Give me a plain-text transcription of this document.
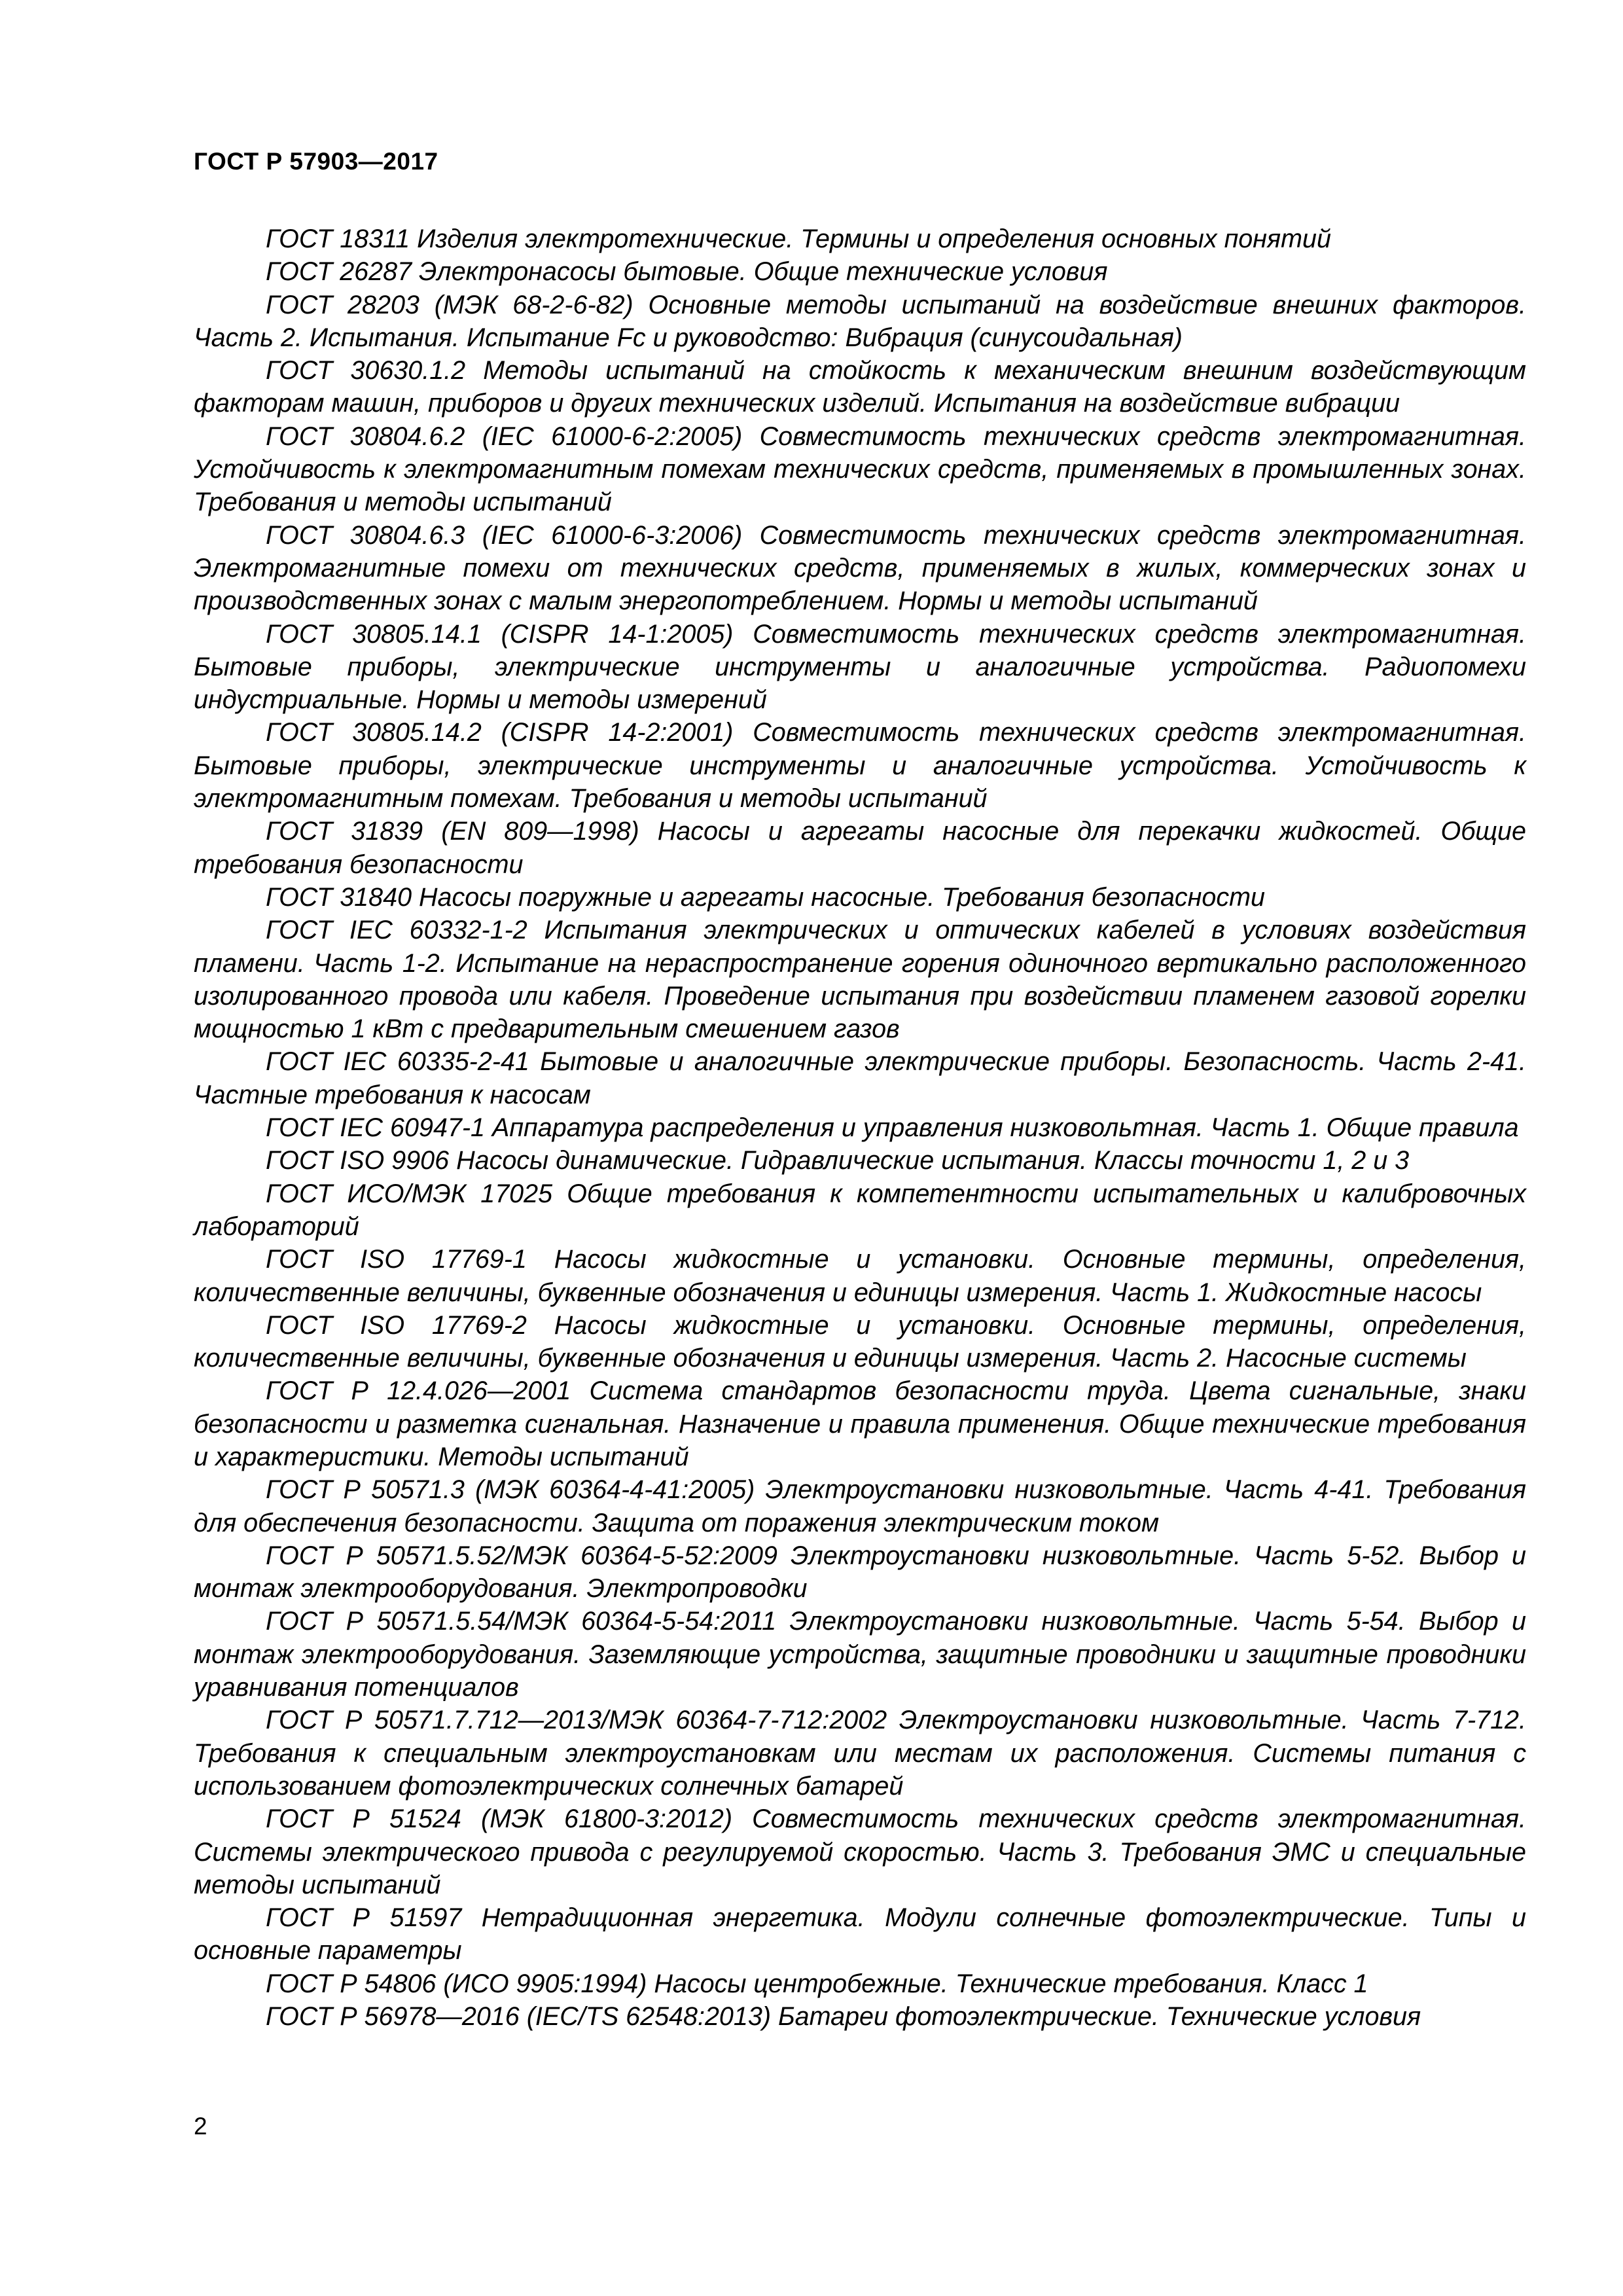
ГОСТ Р 57903—2017
ГОСТ 18311 Изделия электротехнические. Термины и определения основных понятий
ГОСТ 26287 Электронасосы бытовые. Общие технические условия
ГОСТ 28203 (МЭК 68-2-6-82) Основные методы испытаний на воздействие внешних факторов. Часть 2. Испытания. Испытание Fc и руководство: Вибрация (синусоидальная)
ГОСТ 30630.1.2 Методы испытаний на стойкость к механическим внешним воздействующим факторам машин, приборов и других технических изделий. Испытания на воздействие вибрации
ГОСТ 30804.6.2 (IEC 61000-6-2:2005) Совместимость технических средств электромагнитная. Устойчивость к электромагнитным помехам технических средств, применяемых в промышленных зонах. Требования и методы испытаний
ГОСТ 30804.6.3 (IEC 61000-6-3:2006) Совместимость технических средств электромагнитная. Электромагнитные помехи от технических средств, применяемых в жилых, коммерческих зонах и производственных зонах с малым энергопотреблением. Нормы и методы испытаний
ГОСТ 30805.14.1 (CISPR 14-1:2005) Совместимость технических средств электромагнитная. Бытовые приборы, электрические инструменты и аналогичные устройства. Радиопомехи индустриальные. Нормы и методы измерений
ГОСТ 30805.14.2 (CISPR 14-2:2001) Совместимость технических средств электромагнитная. Бытовые приборы, электрические инструменты и аналогичные устройства. Устойчивость к электромагнитным помехам. Требования и методы испытаний
ГОСТ 31839 (EN 809—1998) Насосы и агрегаты насосные для перекачки жидкостей. Общие требования безопасности
ГОСТ 31840 Насосы погружные и агрегаты насосные. Требования безопасности
ГОСТ IEC 60332-1-2 Испытания электрических и оптических кабелей в условиях воздействия пламени. Часть 1-2. Испытание на нераспространение горения одиночного вертикально расположенного изолированного провода или кабеля. Проведение испытания при воздействии пламенем газовой горелки мощностью 1 кВт с предварительным смешением газов
ГОСТ IEC 60335-2-41 Бытовые и аналогичные электрические приборы. Безопасность. Часть 2-41. Частные требования к насосам
ГОСТ IEC 60947-1 Аппаратура распределения и управления низковольтная. Часть 1. Общие правила
ГОСТ ISO 9906 Насосы динамические. Гидравлические испытания. Классы точности 1, 2 и 3
ГОСТ ИСО/МЭК 17025 Общие требования к компетентности испытательных и калибровочных лабораторий
ГОСТ ISO 17769-1 Насосы жидкостные и установки. Основные термины, определения, количественные величины, буквенные обозначения и единицы измерения. Часть 1. Жидкостные насосы
ГОСТ ISO 17769-2 Насосы жидкостные и установки. Основные термины, определения, количественные величины, буквенные обозначения и единицы измерения. Часть 2. Насосные системы
ГОСТ Р 12.4.026—2001 Система стандартов безопасности труда. Цвета сигнальные, знаки безопасности и разметка сигнальная. Назначение и правила применения. Общие технические требования и характеристики. Методы испытаний
ГОСТ Р 50571.3 (МЭК 60364-4-41:2005) Электроустановки низковольтные. Часть 4-41. Требования для обеспечения безопасности. Защита от поражения электрическим током
ГОСТ Р 50571.5.52/МЭК 60364-5-52:2009 Электроустановки низковольтные. Часть 5-52. Выбор и монтаж электрооборудования. Электропроводки
ГОСТ Р 50571.5.54/МЭК 60364-5-54:2011 Электроустановки низковольтные. Часть 5-54. Выбор и монтаж электрооборудования. Заземляющие устройства, защитные проводники и защитные проводники уравнивания потенциалов
ГОСТ Р 50571.7.712—2013/МЭК 60364-7-712:2002 Электроустановки низковольтные. Часть 7-712. Требования к специальным электроустановкам или местам их расположения. Системы питания с использованием фотоэлектрических солнечных батарей
ГОСТ Р 51524 (МЭК 61800-3:2012) Совместимость технических средств электромагнитная. Системы электрического привода с регулируемой скоростью. Часть 3. Требования ЭМС и специальные методы испытаний
ГОСТ Р 51597 Нетрадиционная энергетика. Модули солнечные фотоэлектрические. Типы и основные параметры
ГОСТ Р 54806 (ИСО 9905:1994) Насосы центробежные. Технические требования. Класс 1
ГОСТ Р 56978—2016 (IEC/TS 62548:2013) Батареи фотоэлектрические. Технические условия

2
